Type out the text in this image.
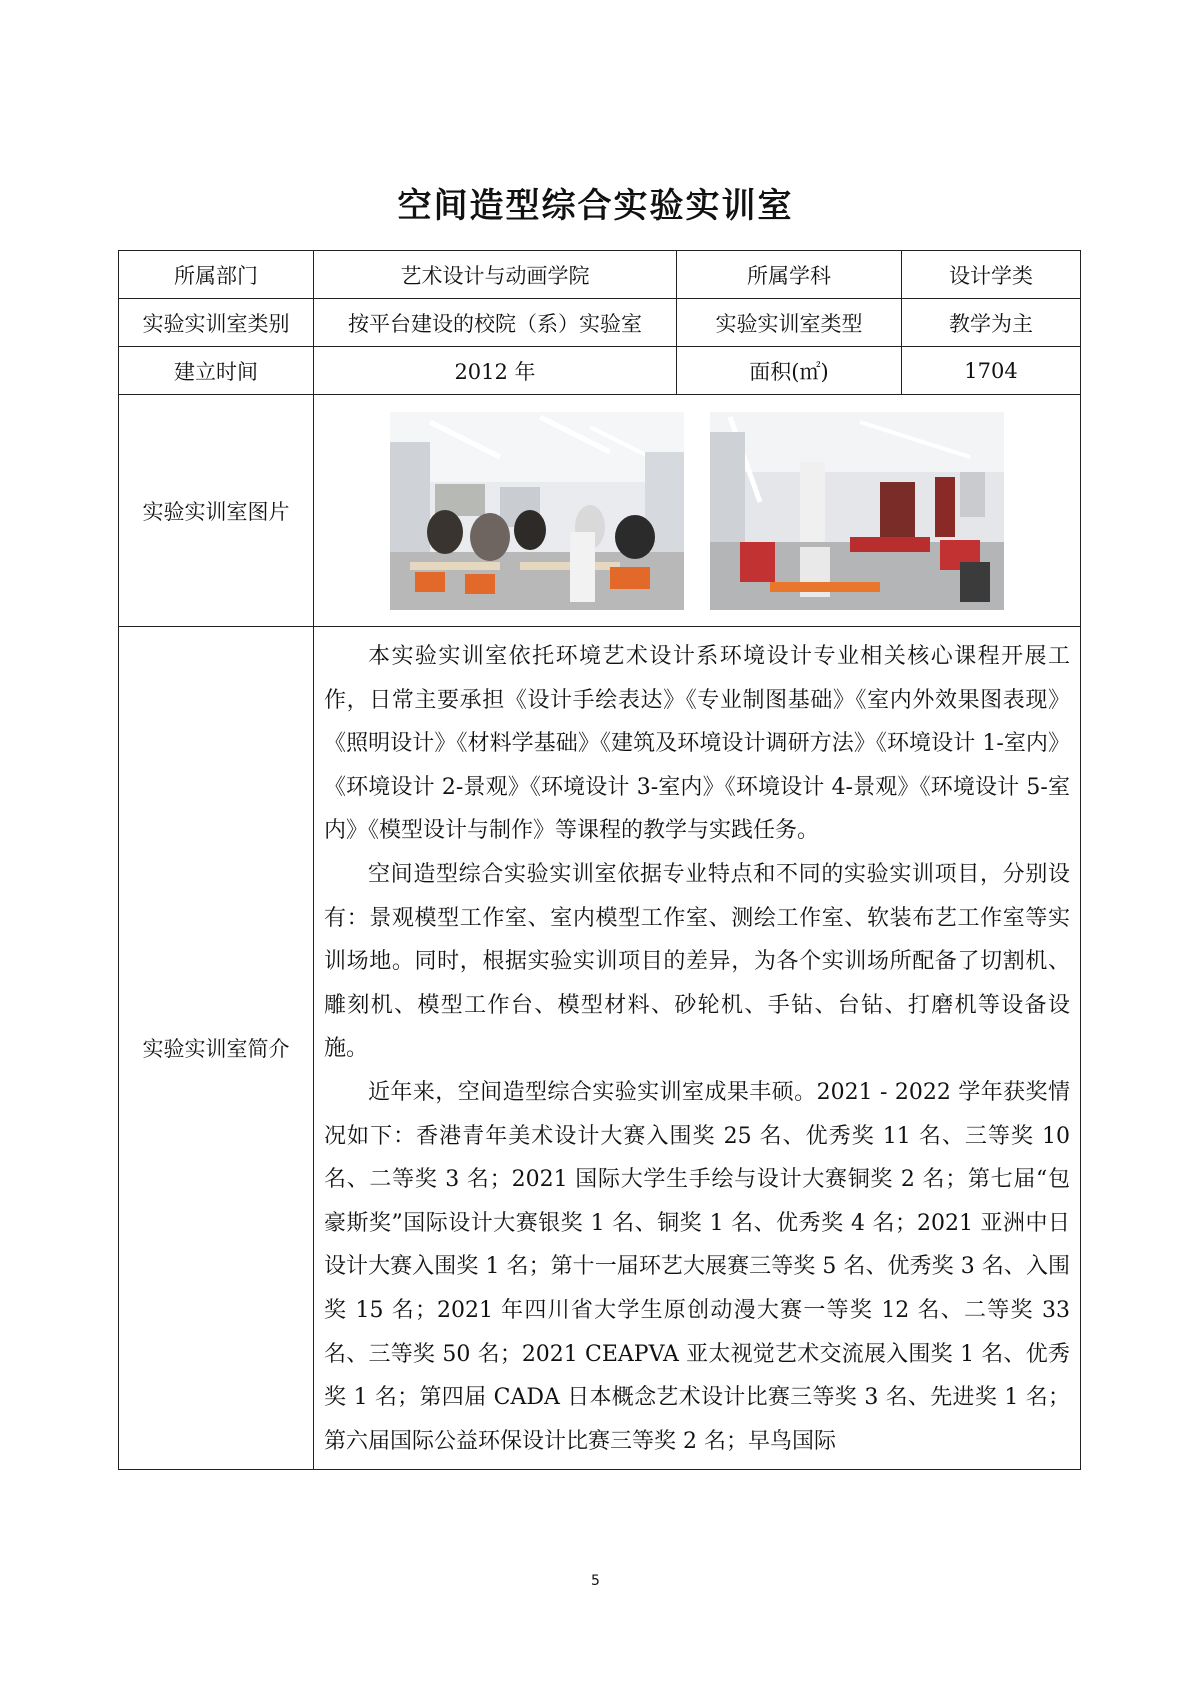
空间造型综合实验实训室
所属部门	艺术设计与动画学院	所属学科	设计学类
实验实训室类别	按平台建设的校院（系）实验室	实验实训室类型	教学为主
建立时间	2012 年	面积(㎡)	1704
实验实训室图片	

实验实训室简介	本实验实训室依托环境艺术设计系环境设计专业相关核心课程开展工作，日常主要承担《设计手绘表达》《专业制图基础》《室内外效果图表现》《照明设计》《材料学基础》《建筑及环境设计调研方法》《环境设计 1-室内》《环境设计 2-景观》《环境设计 3-室内》《环境设计 4-景观》《环境设计 5-室内》《模型设计与制作》等课程的教学与实践任务。

空间造型综合实验实训室依据专业特点和不同的实验实训项目，分别设有：景观模型工作室、室内模型工作室、测绘工作室、软装布艺工作室等实训场地。同时，根据实验实训项目的差异，为各个实训场所配备了切割机、雕刻机、模型工作台、模型材料、砂轮机、手钻、台钻、打磨机等设备设施。

近年来，空间造型综合实验实训室成果丰硕。2021 - 2022 学年获奖情况如下：香港青年美术设计大赛入围奖 25 名、优秀奖 11 名、三等奖 10 名、二等奖 3 名；2021 国际大学生手绘与设计大赛铜奖 2 名；第七届“包豪斯奖”国际设计大赛银奖 1 名、铜奖 1 名、优秀奖 4 名；2021 亚洲中日设计大赛入围奖 1 名；第十一届环艺大展赛三等奖 5 名、优秀奖 3 名、入围奖 15 名；2021 年四川省大学生原创动漫大赛一等奖 12 名、二等奖 33 名、三等奖 50 名；2021 CEAPVA 亚太视觉艺术交流展入围奖 1 名、优秀奖 1 名；第四届 CADA 日本概念艺术设计比赛三等奖 3 名、先进奖 1 名；第六届国际公益环保设计比赛三等奖 2 名；早鸟国际		

5
